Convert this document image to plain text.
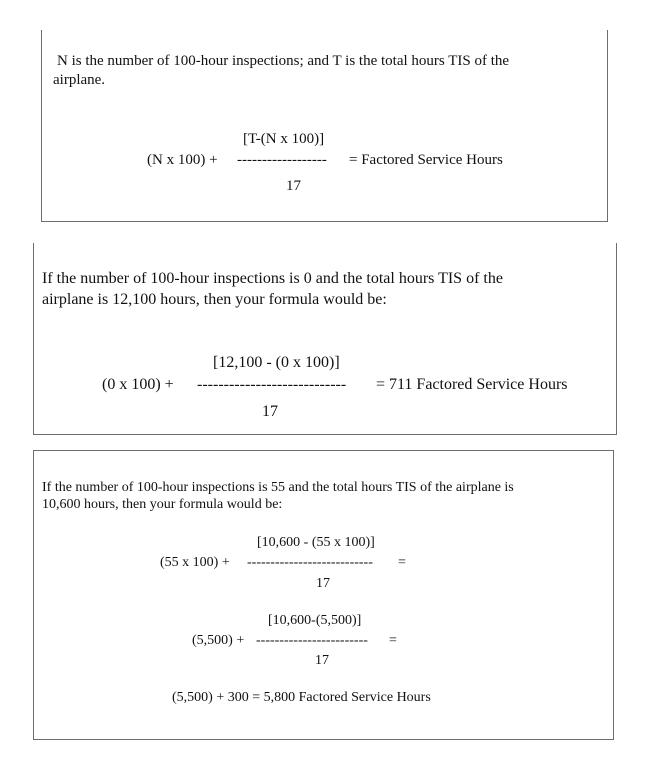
N is the number of 100-hour inspections; and T is the total hours TIS of the
airplane.
[T-(N x 100)]
(N x 100) + ------------------ = Factored Service Hours
17
If the number of 100-hour inspections is 0 and the total hours TIS of the
airplane is 12,100 hours, then your formula would be:
[12,100 - (0 x 100)]
(0 x 100) + ---------------------------- = 711 Factored Service Hours
17
If the number of 100-hour inspections is 55 and the total hours TIS of the airplane is
10,600 hours, then your formula would be:
[10,600 - (55 x 100)]
(55 x 100) + --------------------------- =
17
[10,600-(5,500)]
(5,500) + ------------------------ =
17
(5,500) + 300 = 5,800 Factored Service Hours
